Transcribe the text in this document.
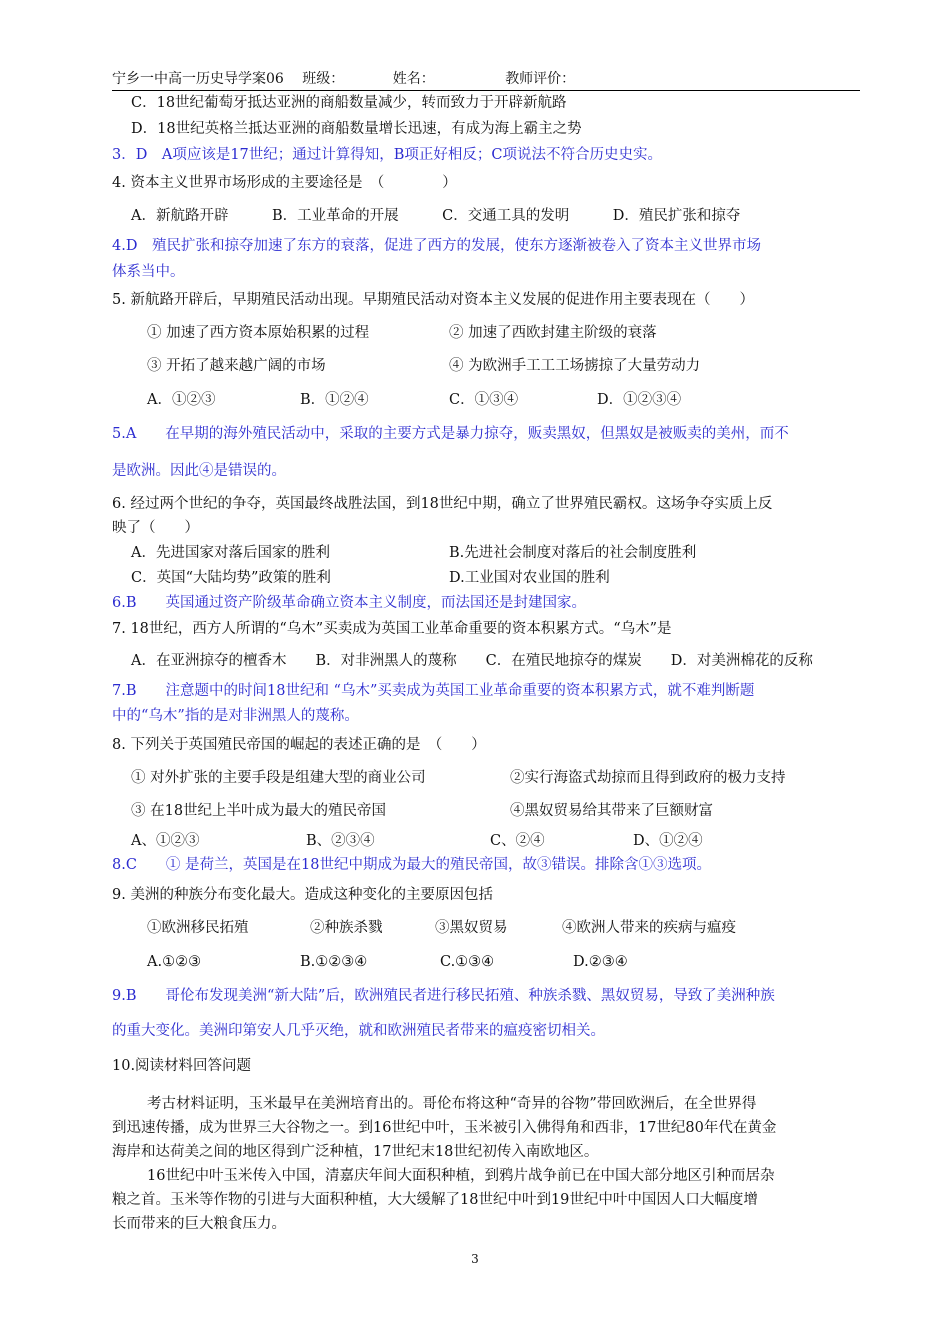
宁乡一中高一历史导学案06 班级：	姓名：	教师评价：
C．18世纪葡萄牙抵达亚洲的商船数量减少，转而致力于开辟新航路
D．18世纪英格兰抵达亚洲的商船数量增长迅速，有成为海上霸主之势
3．D　A项应该是17世纪；通过计算得知，B项正好相反；C项说法不符合历史史实。
4. 资本主义世界市场形成的主要途径是　（　　　　）
A．新航路开辟　　　B．工业革命的开展　　　C．交通工具的发明　　　D．殖民扩张和掠夺
4.D　殖民扩张和掠夺加速了东方的衰落，促进了西方的发展，使东方逐渐被卷入了资本主义世界市场
体系当中。
5. 新航路开辟后，早期殖民活动出现。早期殖民活动对资本主义发展的促进作用主要表现在（　　）
① 加速了西方资本原始积累的过程	② 加速了西欧封建主阶级的衰落
③ 开拓了越来越广阔的市场	④ 为欧洲手工工工场掳掠了大量劳动力
A．①②③	B．①②④	C．①③④	D．①②③④
5.A　　在早期的海外殖民活动中，采取的主要方式是暴力掠夺，贩卖黑奴，但黑奴是被贩卖的美州，而不
是欧洲。因此④是错误的。
6. 经过两个世纪的争夺，英国最终战胜法国，到18世纪中期，确立了世界殖民霸权。这场争夺实质上反
映了（　　）
A．先进国家对落后国家的胜利	B.先进社会制度对落后的社会制度胜利
C．英国“大陆均势”政策的胜利	D.工业国对农业国的胜利
6.B　　英国通过资产阶级革命确立资本主义制度，而法国还是封建国家。
7. 18世纪，西方人所谓的“乌木”买卖成为英国工业革命重要的资本积累方式。“乌木”是
A．在亚洲掠夺的檀香木　　B．对非洲黑人的蔑称　　C．在殖民地掠夺的煤炭　　D．对美洲棉花的反称
7.B　　注意题中的时间18世纪和 “乌木”买卖成为英国工业革命重要的资本积累方式，就不难判断题
中的“乌木”指的是对非洲黑人的蔑称。
8. 下列关于英国殖民帝国的崛起的表述正确的是　（　　）
① 对外扩张的主要手段是组建大型的商业公司	②实行海盗式劫掠而且得到政府的极力支持
③ 在18世纪上半叶成为最大的殖民帝国	④黑奴贸易给其带来了巨额财富
A、①②③	B、②③④	C、②④	D、①②④
8.C　　① 是荷兰，英国是在18世纪中期成为最大的殖民帝国，故③错误。排除含①③选项。
9. 美洲的种族分布变化最大。造成这种变化的主要原因包括
①欧洲移民拓殖	②种族杀戮	③黑奴贸易	④欧洲人带来的疾病与瘟疫
A.①②③	B.①②③④	C.①③④	D.②③④
9.B　　哥伦布发现美洲“新大陆”后，欧洲殖民者进行移民拓殖、种族杀戮、黑奴贸易，导致了美洲种族
的重大变化。美洲印第安人几乎灭绝，就和欧洲殖民者带来的瘟疫密切相关。
10.阅读材料回答问题
考古材料证明，玉米最早在美洲培育出的。哥伦布将这种“奇异的谷物”带回欧洲后，在全世界得
到迅速传播，成为世界三大谷物之一。到16世纪中叶，玉米被引入佛得角和西非，17世纪80年代在黄金
海岸和达荷美之间的地区得到广泛种植，17世纪末18世纪初传入南欧地区。
16世纪中叶玉米传入中国，清嘉庆年间大面积种植，到鸦片战争前已在中国大部分地区引种而居杂
粮之首。玉米等作物的引进与大面积种植，大大缓解了18世纪中叶到19世纪中叶中国因人口大幅度增
长而带来的巨大粮食压力。
3
